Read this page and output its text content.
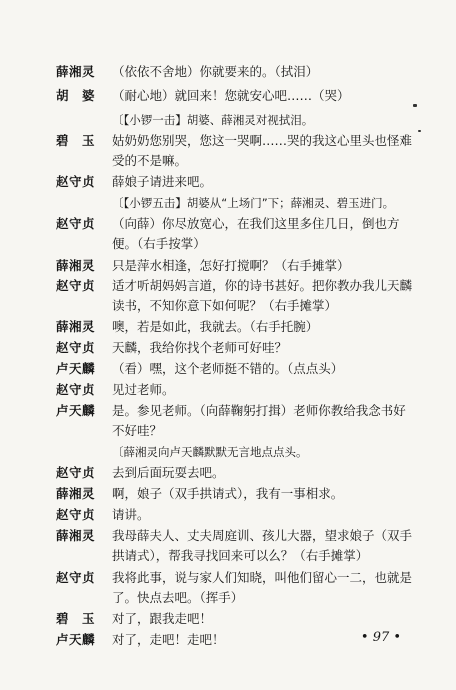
薛湘灵	（依依不舍地）你就要来的。（拭泪）
胡　婆	（耐心地）就回来！您就安心吧……（哭）
〔【小锣一击】胡婆、薛湘灵对视拭泪。
碧　玉	姑奶奶您别哭，您这一哭啊……哭的我这心里头也怪难
受的不是嘛。
赵守贞	薛娘子请进来吧。
〔【小锣五击】胡婆从“上场门”下；薛湘灵、碧玉进门。
赵守贞	（向薛）你尽放宽心，在我们这里多住几日，倒也方
便。（右手按掌）
薛湘灵	只是萍水相逢，怎好打搅啊？（右手摊掌）
赵守贞	适才听胡妈妈言道，你的诗书甚好。把你教办我儿天麟
读书，不知你意下如何呢？（右手摊掌）
薛湘灵	噢，若是如此，我就去。（右手托腕）
赵守贞	天麟，我给你找个老师可好哇？
卢天麟	（看）嘿，这个老师挺不错的。（点点头）
赵守贞	见过老师。
卢天麟	是。参见老师。（向薛鞠躬打揖）老师你教给我念书好
不好哇？
〔薛湘灵向卢天麟默默无言地点点头。
赵守贞	去到后面玩耍去吧。
薛湘灵	啊，娘子（双手拱请式），我有一事相求。
赵守贞	请讲。
薛湘灵	我母薛夫人、丈夫周庭训、孩儿大器，望求娘子（双手
拱请式），帮我寻找回来可以么？（右手摊掌）
赵守贞	我将此事，说与家人们知晓，叫他们留心一二，也就是
了。快点去吧。（挥手）
碧　玉	对了，跟我走吧！
卢天麟	对了，走吧！走吧！	• 97 •
